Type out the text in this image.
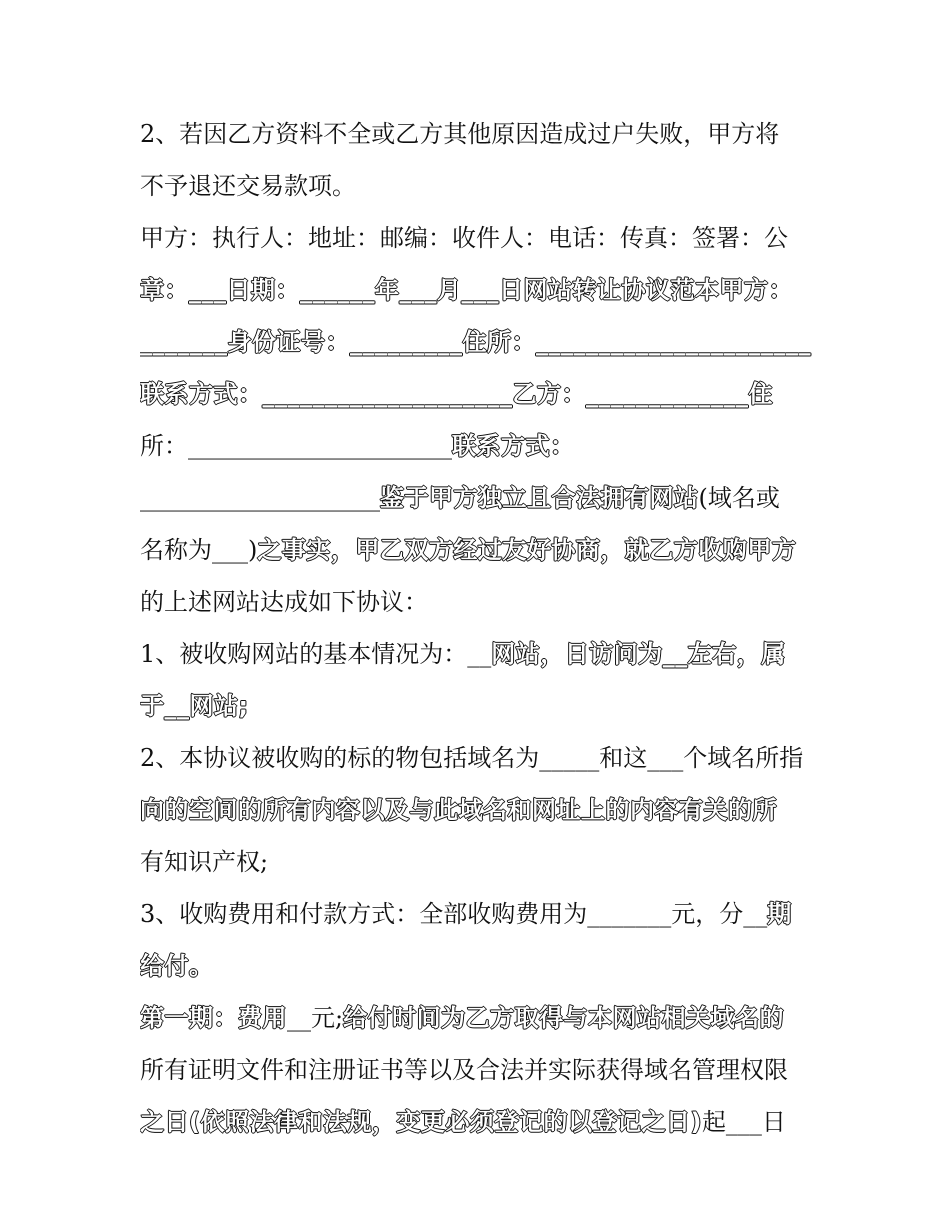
2、若因乙方资料不全或乙方其他原因造成过户失败，甲方将
不予退还交易款项。
甲方：执行人：地址：邮编：收件人：电话：传真：签署：公
章：___日期：______年___月___日网站转让协议范本甲方：
_______身份证号：_________住所：______________________
联系方式：____________________乙方：_____________住
所：______________________联系方式：
____________________鉴于甲方独立且合法拥有网站(域名或
名称为___)之事实，甲乙双方经过友好协商，就乙方收购甲方
的上述网站达成如下协议：
1、被收购网站的基本情况为：__网站，日访问为__左右，属
于__网站;
2、本协议被收购的标的物包括域名为_____和这___个域名所指
向的空间的所有内容以及与此域名和网址上的内容有关的所
有知识产权;
3、收购费用和付款方式：全部收购费用为_______元，分__期
给付。
第一期：费用__元;给付时间为乙方取得与本网站相关域名的
所有证明文件和注册证书等以及合法并实际获得域名管理权限
之日(依照法律和法规，变更必须登记的以登记之日)起___日
